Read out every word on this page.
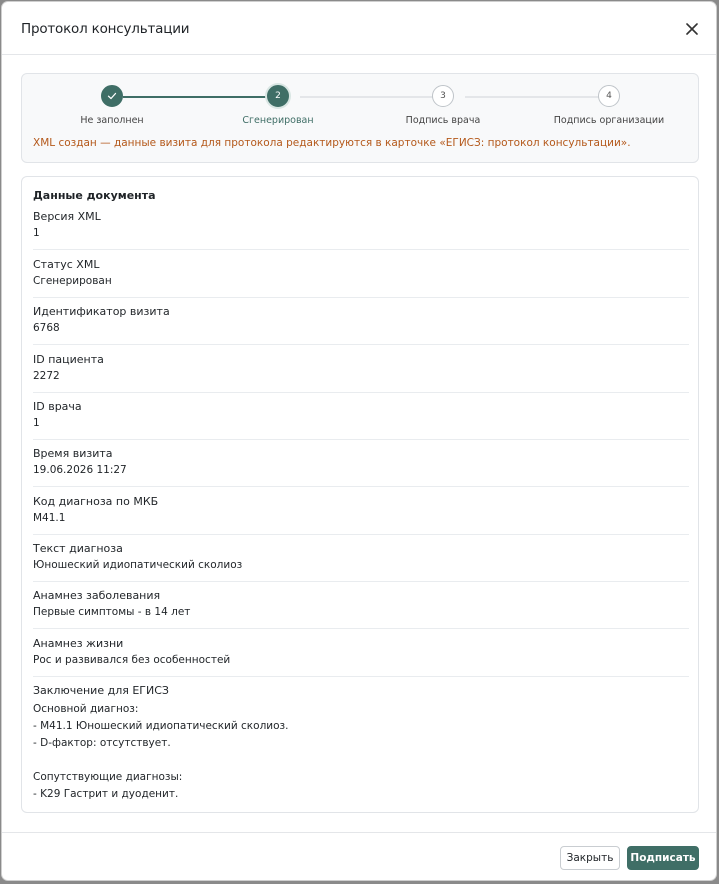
Протокол консультации
2	3	4
Не заполнен	Сгенерирован	Подпись врача	Подпись организации
XML создан — данные визита для протокола редактируются в карточке «ЕГИСЗ: протокол консультации».
Данные документа
Версия XML
1
Статус XML
Сгенерирован
Идентификатор визита
6768
ID пациента
2272
ID врача
1
Время визита
19.06.2026 11:27
Код диагноза по МКБ
M41.1
Текст диагноза
Юношеский идиопатический сколиоз
Анамнез заболевания
Первые симптомы - в 14 лет
Анамнез жизни
Рос и развивался без особенностей
Заключение для ЕГИСЗ
Основной диагноз:
- M41.1 Юношеский идиопатический сколиоз.
- D-фактор: отсутствует.
Сопутствующие диагнозы:
- K29 Гастрит и дуоденит.
Закрыть	Подписать
